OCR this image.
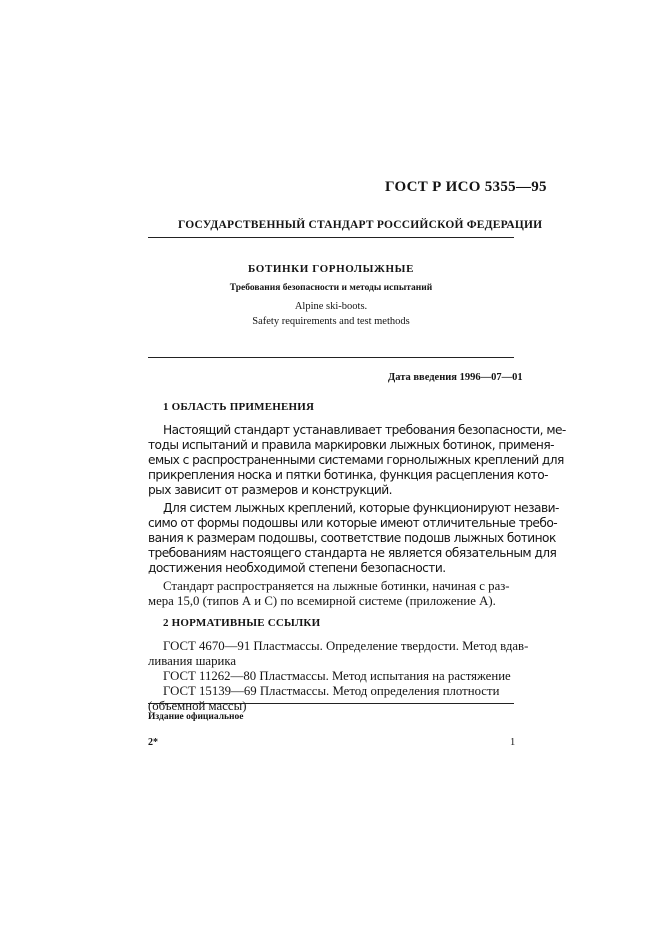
ГОСТ Р ИСО 5355—95
ГОСУДАРСТВЕННЫЙ СТАНДАРТ РОССИЙСКОЙ ФЕДЕРАЦИИ
БОТИНКИ ГОРНОЛЫЖНЫЕ
Требования безопасности и методы испытаний
Alpine ski-boots.
Safety requirements and test methods
Дата введения 1996—07—01
1 ОБЛАСТЬ ПРИМЕНЕНИЯ
Настоящий стандарт устанавливает требования безопасности, ме-
тоды испытаний и правила маркировки лыжных ботинок, применя-
емых с распространенными системами горнолыжных креплений для
прикрепления носка и пятки ботинка, функция расцепления кото-
рых зависит от размеров и конструкций.
Для систем лыжных креплений, которые функционируют незави-
симо от формы подошвы или которые имеют отличительные требо-
вания к размерам подошвы, соответствие подошв лыжных ботинок
требованиям настоящего стандарта не является обязательным для
достижения необходимой степени безопасности.
Стандарт распространяется на лыжные ботинки, начиная с раз-
мера 15,0 (типов А и С) по всемирной системе (приложение А).
2 НОРМАТИВНЫЕ ССЫЛКИ
ГОСТ 4670—91 Пластмассы. Определение твердости. Метод вдав-
ливания шарика
ГОСТ 11262—80 Пластмассы. Метод испытания на растяжение
ГОСТ 15139—69 Пластмассы. Метод определения плотности
(объемной массы)
Издание официальное
2*	1
